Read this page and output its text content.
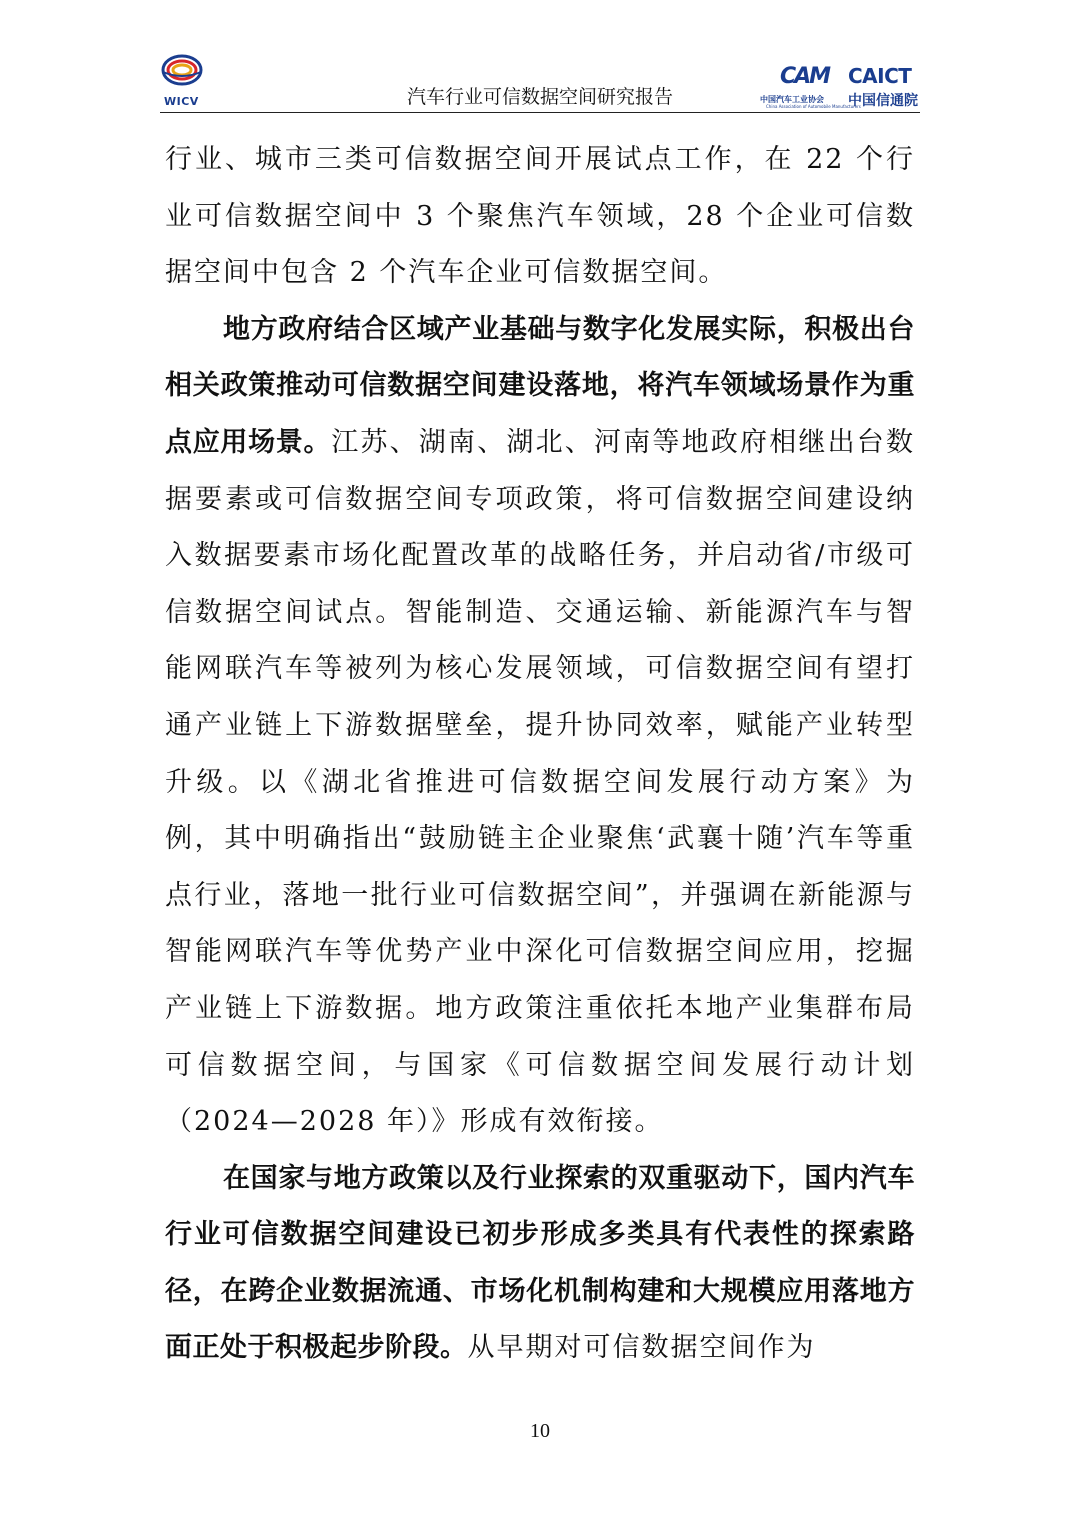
WICV	汽车行业可信数据空间研究报告
CAM
中国汽车工业协会
China Association of Automobile Manufacturers
CAICT
中国信通院

行业、城市三类可信数据空间开展试点工作，在 22 个行业可信数据空间中 3 个聚焦汽车领域，28 个企业可信数据空间中包含 2 个汽车企业可信数据空间。

地方政府结合区域产业基础与数字化发展实际，积极出台相关政策推动可信数据空间建设落地，将汽车领域场景作为重点应用场景。江苏、湖南、湖北、河南等地政府相继出台数据要素或可信数据空间专项政策，将可信数据空间建设纳入数据要素市场化配置改革的战略任务，并启动省/市级可信数据空间试点。智能制造、交通运输、新能源汽车与智能网联汽车等被列为核心发展领域，可信数据空间有望打通产业链上下游数据壁垒，提升协同效率，赋能产业转型升级。以《湖北省推进可信数据空间发展行动方案》为例，其中明确指出“鼓励链主企业聚焦‘武襄十随’汽车等重点行业，落地一批行业可信数据空间”，并强调在新能源与智能网联汽车等优势产业中深化可信数据空间应用，挖掘产业链上下游数据。地方政策注重依托本地产业集群布局可信数据空间，与国家《可信数据空间发展行动计划（2024—2028 年）》形成有效衔接。

在国家与地方政策以及行业探索的双重驱动下，国内汽车行业可信数据空间建设已初步形成多类具有代表性的探索路径，在跨企业数据流通、市场化机制构建和大规模应用落地方面正处于积极起步阶段。从早期对可信数据空间作为

10
